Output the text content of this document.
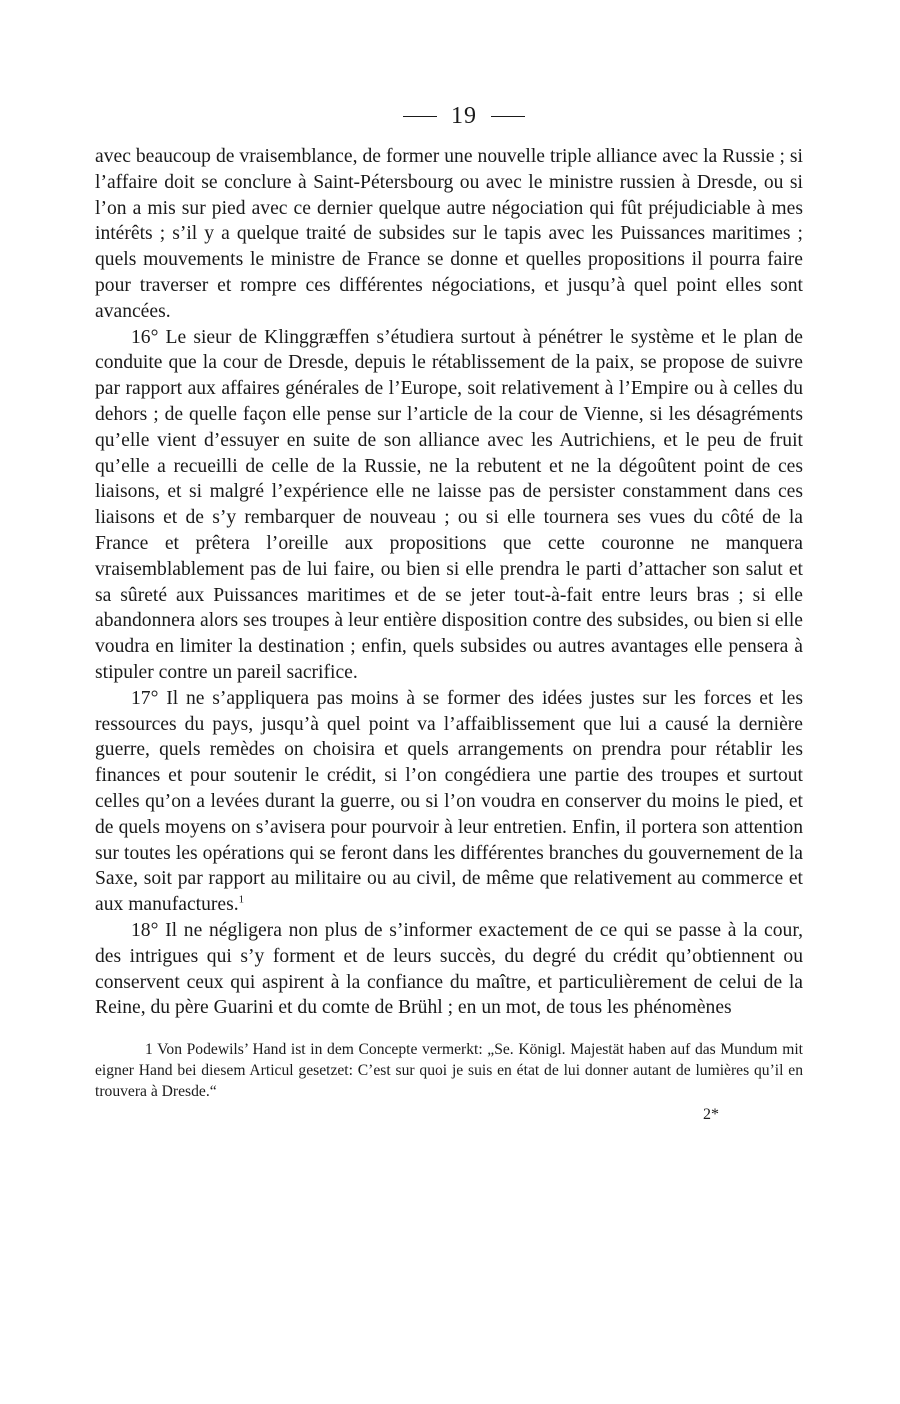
19

avec beaucoup de vraisemblance, de former une nouvelle triple alliance avec la Russie ; si l’affaire doit se conclure à Saint-Pétersbourg ou avec le ministre russien à Dresde, ou si l’on a mis sur pied avec ce dernier quelque autre négociation qui fût préjudiciable à mes intérêts ; s’il y a quelque traité de subsides sur le tapis avec les Puissances maritimes ; quels mouvements le ministre de France se donne et quelles propositions il pourra faire pour traverser et rompre ces différentes négociations, et jusqu’à quel point elles sont avancées.

16° Le sieur de Klinggræffen s’étudiera surtout à pénétrer le système et le plan de conduite que la cour de Dresde, depuis le rétablissement de la paix, se propose de suivre par rapport aux affaires générales de l’Europe, soit relativement à l’Empire ou à celles du dehors ; de quelle façon elle pense sur l’article de la cour de Vienne, si les désagréments qu’elle vient d’essuyer en suite de son alliance avec les Autrichiens, et le peu de fruit qu’elle a recueilli de celle de la Russie, ne la rebutent et ne la dégoûtent point de ces liaisons, et si malgré l’expérience elle ne laisse pas de persister constamment dans ces liaisons et de s’y rembarquer de nouveau ; ou si elle tournera ses vues du côté de la France et prêtera l’oreille aux propositions que cette couronne ne manquera vraisemblablement pas de lui faire, ou bien si elle prendra le parti d’attacher son salut et sa sûreté aux Puissances maritimes et de se jeter tout-à-fait entre leurs bras ; si elle abandonnera alors ses troupes à leur entière disposition contre des subsides, ou bien si elle voudra en limiter la destination ; enfin, quels subsides ou autres avantages elle pensera à stipuler contre un pareil sacrifice.

17° Il ne s’appliquera pas moins à se former des idées justes sur les forces et les ressources du pays, jusqu’à quel point va l’affaiblissement que lui a causé la dernière guerre, quels remèdes on choisira et quels arrangements on prendra pour rétablir les finances et pour soutenir le crédit, si l’on congédiera une partie des troupes et surtout celles qu’on a levées durant la guerre, ou si l’on voudra en conserver du moins le pied, et de quels moyens on s’avisera pour pourvoir à leur entretien. Enfin, il portera son attention sur toutes les opérations qui se feront dans les différentes branches du gouvernement de la Saxe, soit par rapport au militaire ou au civil, de même que relativement au commerce et aux manufactures.$^1$

18° Il ne négligera non plus de s’informer exactement de ce qui se passe à la cour, des intrigues qui s’y forment et de leurs succès, du degré du crédit qu’obtiennent ou conservent ceux qui aspirent à la confiance du maître, et particulièrement de celui de la Reine, du père Guarini et du comte de Brühl ; en un mot, de tous les phénomènes

1 Von Podewils’ Hand ist in dem Concepte vermerkt: „Se. Königl. Majestät haben auf das Mundum mit eigner Hand bei diesem Articul gesetzet: C’est sur quoi je suis en état de lui donner autant de lumières qu’il en trouvera à Dresde.“

2*
